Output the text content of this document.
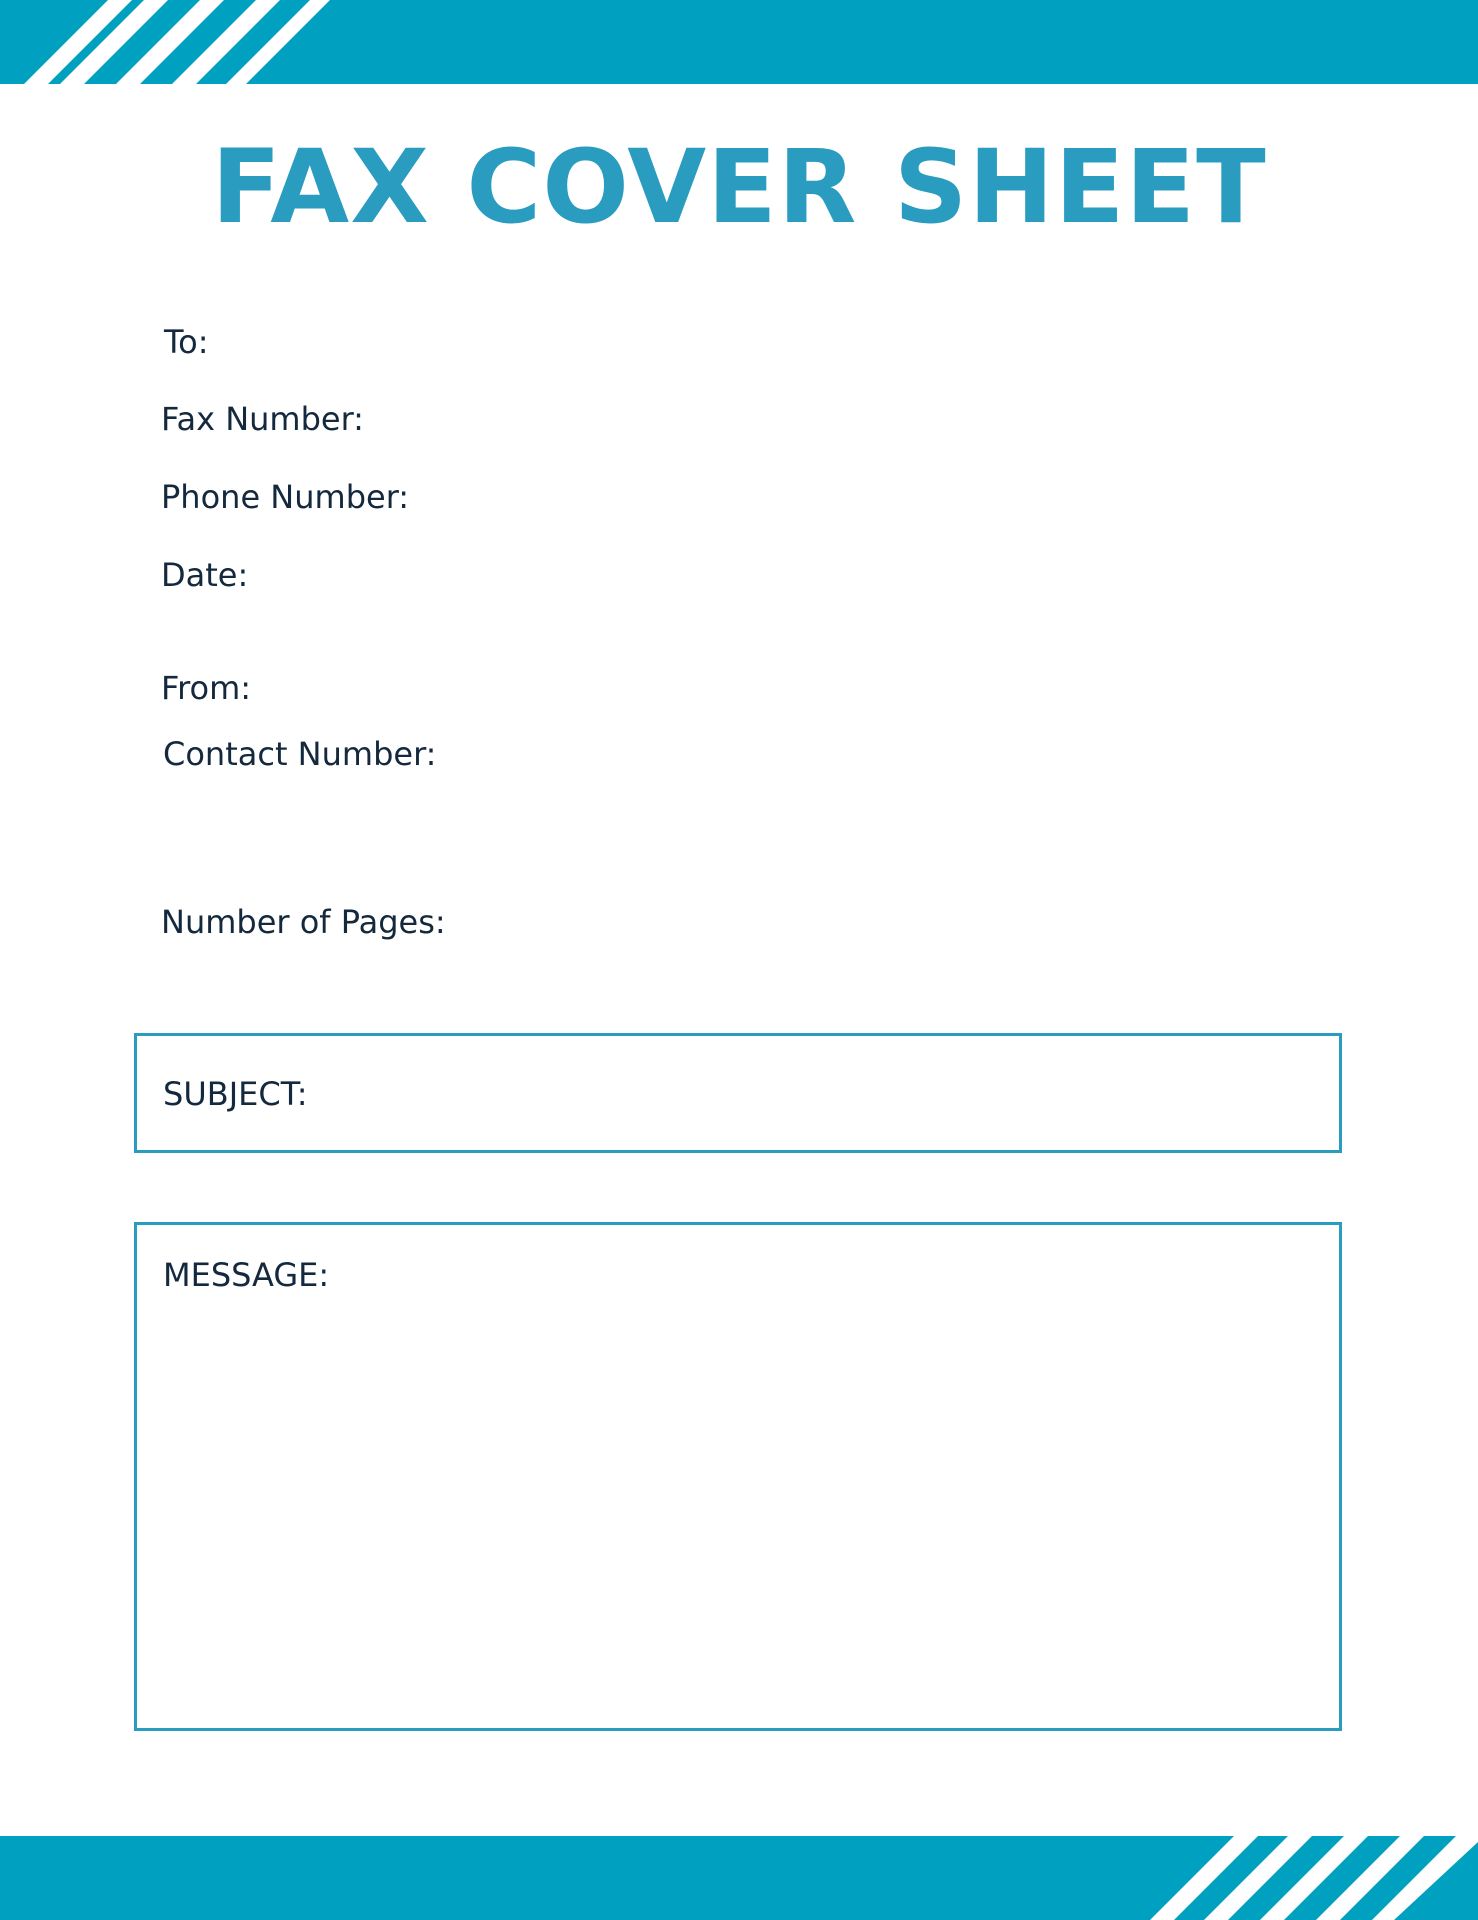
FAX COVER SHEET
To:
Fax Number:
Phone Number:
Date:
From:
Contact Number:
Number of Pages:
SUBJECT:
MESSAGE:
